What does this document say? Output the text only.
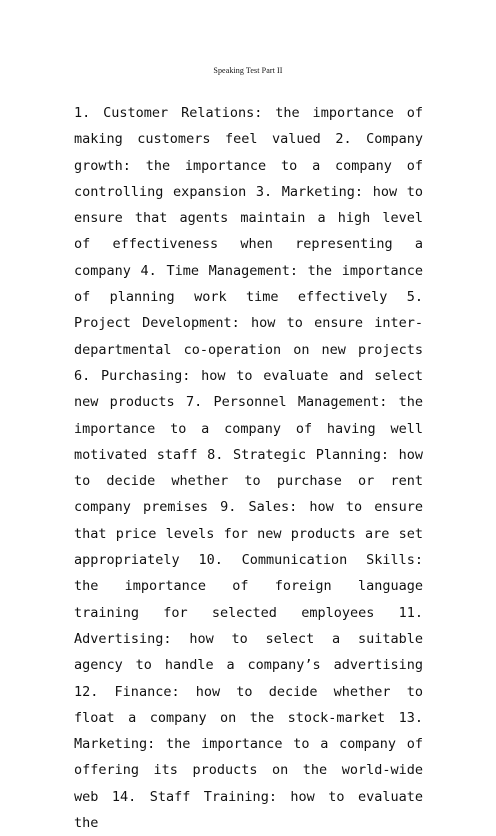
Speaking Test Part II

1. Customer Relations: the importance of making customers feel valued 2. Company growth: the importance to a company of controlling expansion 3. Marketing: how to ensure that agents maintain a high level of effectiveness when representing a company 4. Time Management: the importance of planning work time effectively 5. Project Development: how to ensure inter-departmental co-operation on new projects 6. Purchasing: how to evaluate and select new products 7. Personnel Management: the importance to a company of having well motivated staff 8. Strategic Planning: how to decide whether to purchase or rent company premises 9. Sales: how to ensure that price levels for new products are set appropriately 10. Communication Skills: the importance of foreign language training for selected employees 11. Advertising: how to select a suitable agency to handle a company’s advertising 12. Finance: how to decide whether to float a company on the stock-market 13. Marketing: the importance to a company of offering its products on the world-wide web 14. Staff Training: how to evaluate the
